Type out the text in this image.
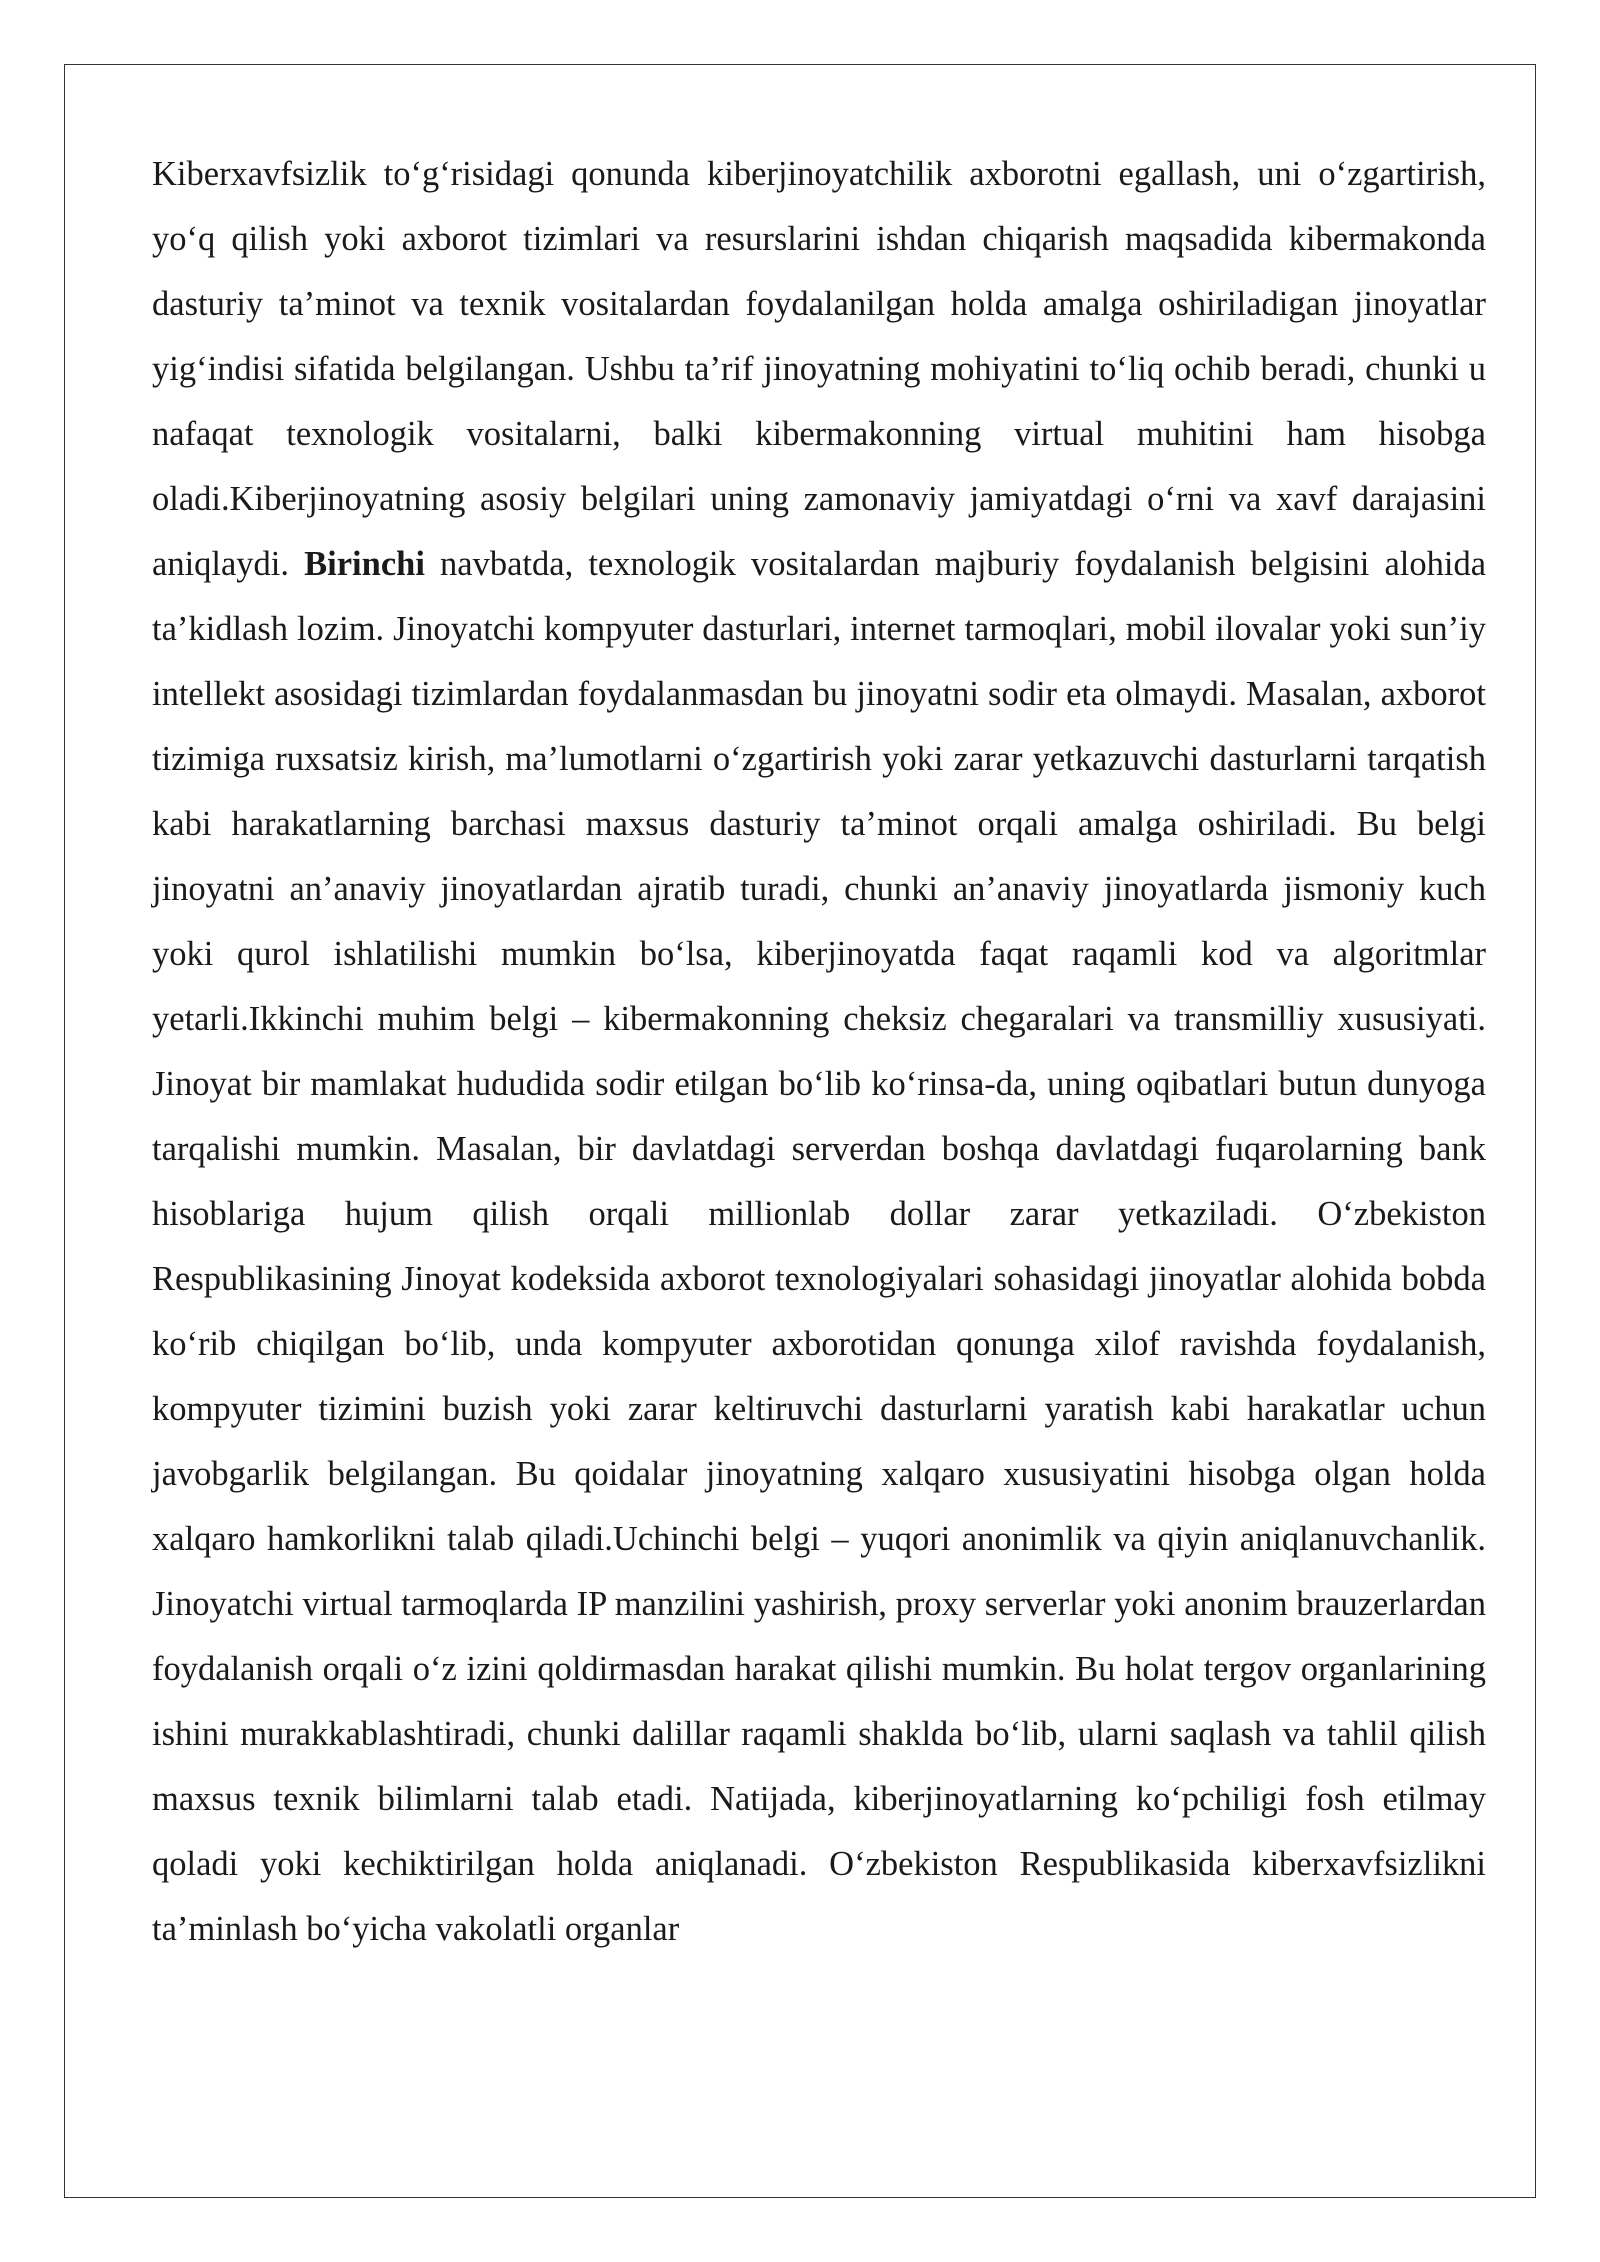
Kiberxavfsizlik to‘g‘risidagi qonunda kiberjinoyatchilik axborotni egallash, uni o‘zgartirish, yo‘q qilish yoki axborot tizimlari va resurslarini ishdan chiqarish maqsadida kibermakonda dasturiy ta’minot va texnik vositalardan foydalanilgan holda amalga oshiriladigan jinoyatlar yig‘indisi sifatida belgilangan. Ushbu ta’rif jinoyatning mohiyatini to‘liq ochib beradi, chunki u nafaqat texnologik vositalarni, balki kibermakonning virtual muhitini ham hisobga oladi.Kiberjinoyatning asosiy belgilari uning zamonaviy jamiyatdagi o‘rni va xavf darajasini aniqlaydi. Birinchi navbatda, texnologik vositalardan majburiy foydalanish belgisini alohida ta’kidlash lozim. Jinoyatchi kompyuter dasturlari, internet tarmoqlari, mobil ilovalar yoki sun’iy intellekt asosidagi tizimlardan foydalanmasdan bu jinoyatni sodir eta olmaydi. Masalan, axborot tizimiga ruxsatsiz kirish, ma’lumotlarni o‘zgartirish yoki zarar yetkazuvchi dasturlarni tarqatish kabi harakatlarning barchasi maxsus dasturiy ta’minot orqali amalga oshiriladi. Bu belgi jinoyatni an’anaviy jinoyatlardan ajratib turadi, chunki an’anaviy jinoyatlarda jismoniy kuch yoki qurol ishlatilishi mumkin bo‘lsa, kiberjinoyatda faqat raqamli kod va algoritmlar yetarli.Ikkinchi muhim belgi – kibermakonning cheksiz chegaralari va transmilliy xususiyati. Jinoyat bir mamlakat hududida sodir etilgan bo‘lib ko‘rinsa-da, uning oqibatlari butun dunyoga tarqalishi mumkin. Masalan, bir davlatdagi serverdan boshqa davlatdagi fuqarolarning bank hisoblariga hujum qilish orqali millionlab dollar zarar yetkaziladi. O‘zbekiston Respublikasining Jinoyat kodeksida axborot texnologiyalari sohasidagi jinoyatlar alohida bobda ko‘rib chiqilgan bo‘lib, unda kompyuter axborotidan qonunga xilof ravishda foydalanish, kompyuter tizimini buzish yoki zarar keltiruvchi dasturlarni yaratish kabi harakatlar uchun javobgarlik belgilangan. Bu qoidalar jinoyatning xalqaro xususiyatini hisobga olgan holda xalqaro hamkorlikni talab qiladi.Uchinchi belgi – yuqori anonimlik va qiyin aniqlanuvchanlik. Jinoyatchi virtual tarmoqlarda IP manzilini yashirish, proxy serverlar yoki anonim brauzerlardan foydalanish orqali o‘z izini qoldirmasdan harakat qilishi mumkin. Bu holat tergov organlarining ishini murakkablashtiradi, chunki dalillar raqamli shaklda bo‘lib, ularni saqlash va tahlil qilish maxsus texnik bilimlarni talab etadi. Natijada, kiberjinoyatlarning ko‘pchiligi fosh etilmay qoladi yoki kechiktirilgan holda aniqlanadi. O‘zbekiston Respublikasida kiberxavfsizlikni ta’minlash bo‘yicha vakolatli organlar
